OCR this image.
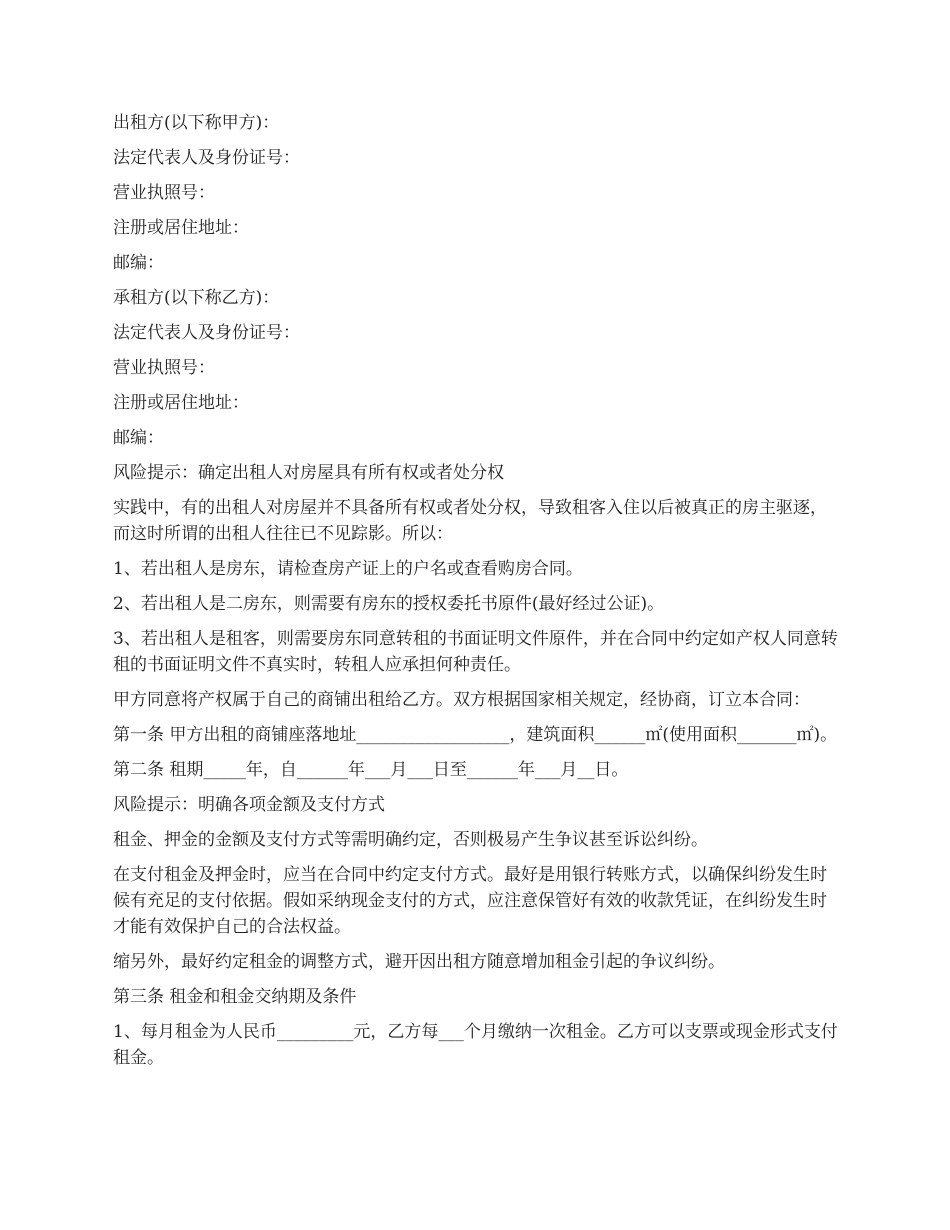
出租方(以下称甲方)：

法定代表人及身份证号：

营业执照号：

注册或居住地址：

邮编：

承租方(以下称乙方)：

法定代表人及身份证号：

营业执照号：

注册或居住地址：

邮编：

风险提示：确定出租人对房屋具有所有权或者处分权

实践中，有的出租人对房屋并不具备所有权或者处分权，导致租客入住以后被真正的房主驱逐，而这时所谓的出租人往往已不见踪影。所以：

1、若出租人是房东，请检查房产证上的户名或查看购房合同。

2、若出租人是二房东，则需要有房东的授权委托书原件(最好经过公证)。

3、若出租人是租客，则需要房东同意转租的书面证明文件原件，并在合同中约定如产权人同意转租的书面证明文件不真实时，转租人应承担何种责任。

甲方同意将产权属于自己的商铺出租给乙方。双方根据国家相关规定，经协商，订立本合同：

第一条 甲方出租的商铺座落地址__________________，建筑面积______㎡(使用面积_______㎡)。

第二条 租期_____年，自______年___月___日至______年___月__日。

风险提示：明确各项金额及支付方式

租金、押金的金额及支付方式等需明确约定，否则极易产生争议甚至诉讼纠纷。

在支付租金及押金时，应当在合同中约定支付方式。最好是用银行转账方式，以确保纠纷发生时候有充足的支付依据。假如采纳现金支付的方式，应注意保管好有效的收款凭证，在纠纷发生时才能有效保护自己的合法权益。

缩另外，最好约定租金的调整方式，避开因出租方随意增加租金引起的争议纠纷。

第三条 租金和租金交纳期及条件

1、每月租金为人民币_________元，乙方每___个月缴纳一次租金。乙方可以支票或现金形式支付租金。
